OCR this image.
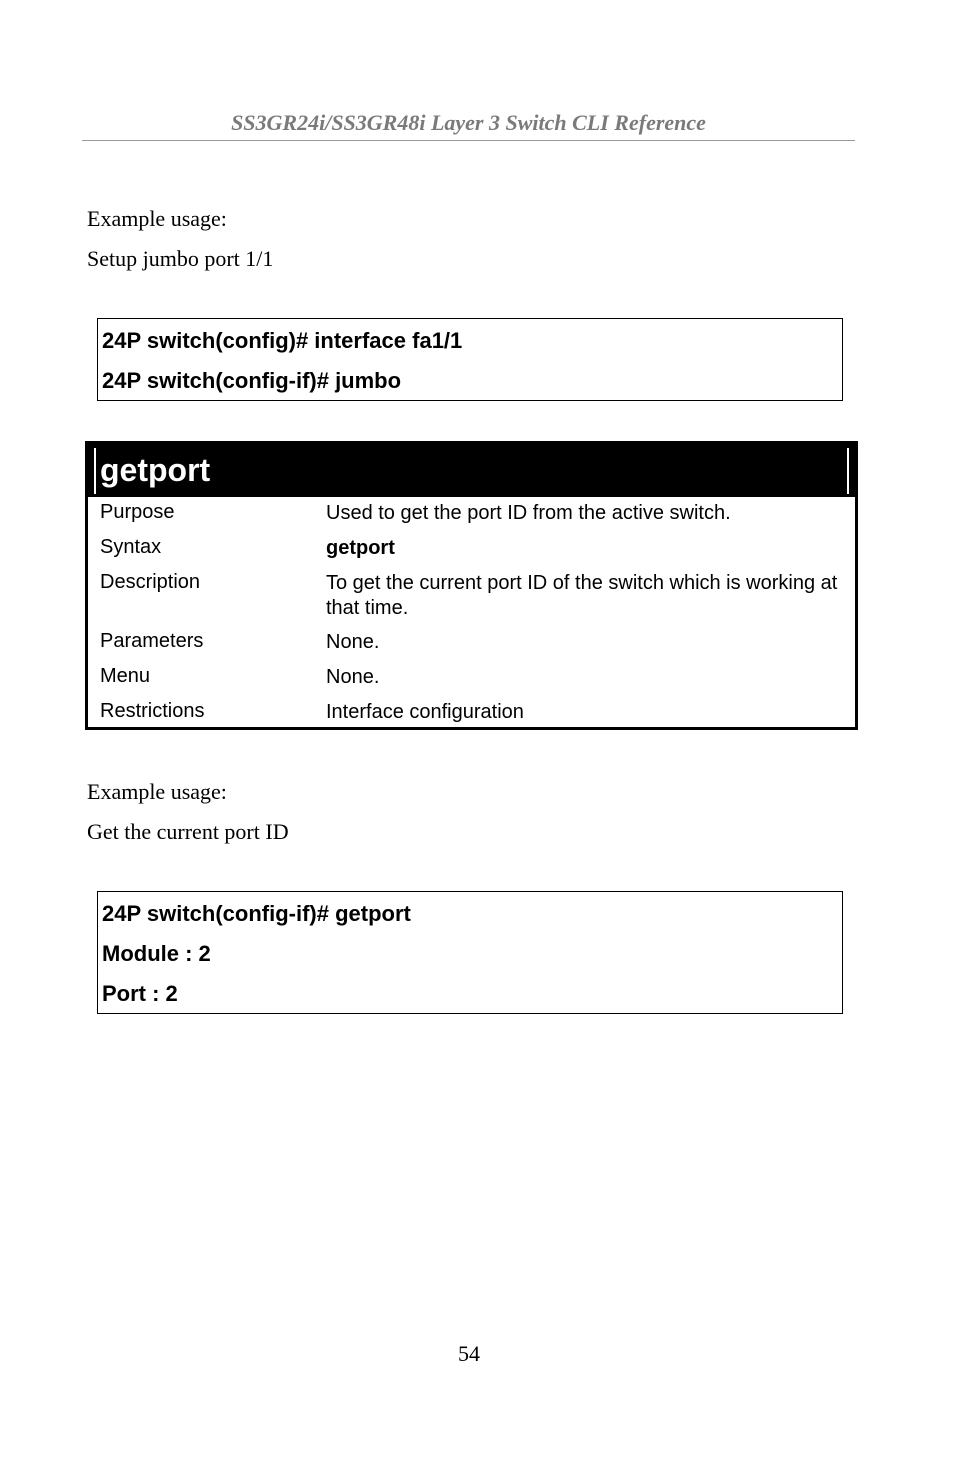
SS3GR24i/SS3GR48i Layer 3 Switch CLI Reference
Example usage:
Setup jumbo port 1/1
24P switch(config)# interface fa1/1
24P switch(config-if)# jumbo
getport
Purpose	Used to get the port ID from the active switch.
Syntax	getport
Description	To get the current port ID of the switch which is working at that time.
Parameters	None.
Menu	None.
Restrictions	Interface configuration
Example usage:
Get the current port ID
24P switch(config-if)# getport
Module : 2
Port : 2
54
